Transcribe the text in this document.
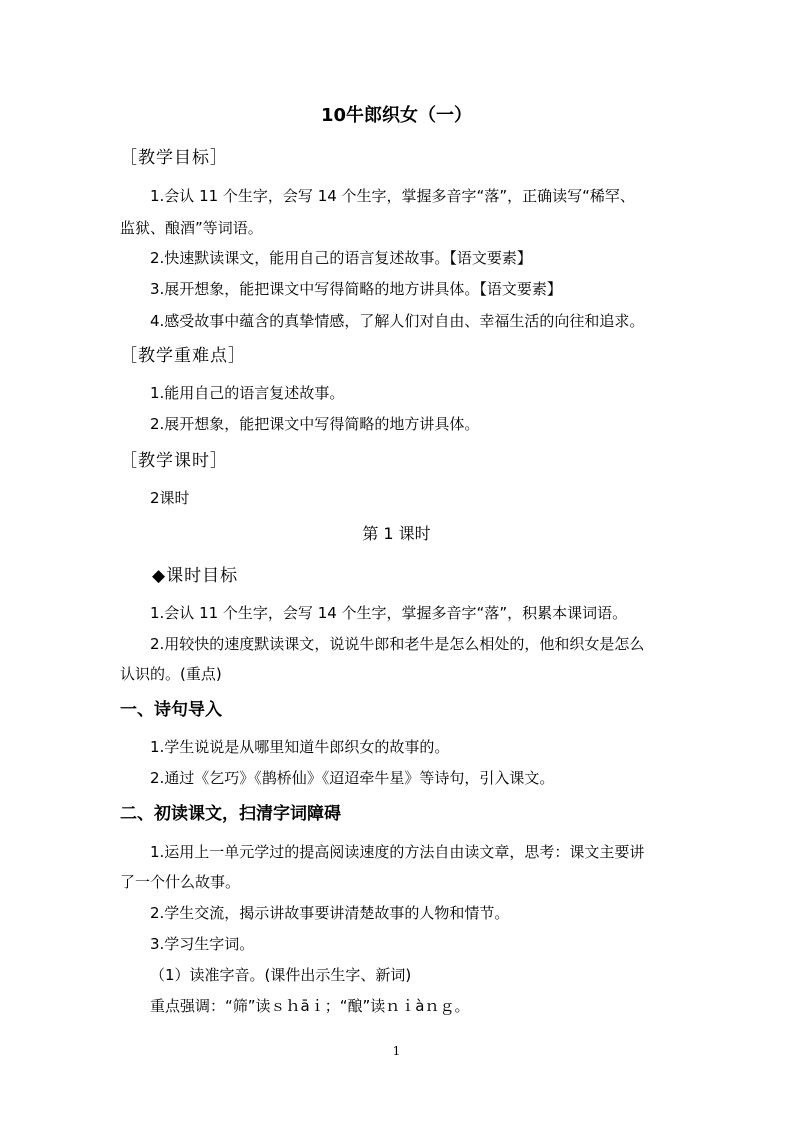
10牛郎织女（一）
［教学目标］
1.会认 11 个生字，会写 14 个生字，掌握多音字“落”，正确读写“稀罕、
监狱、酿酒”等词语。
2.快速默读课文，能用自己的语言复述故事。【语文要素】
3.展开想象，能把课文中写得简略的地方讲具体。【语文要素】
4.感受故事中蕴含的真挚情感，了解人们对自由、幸福生活的向往和追求。
［教学重难点］
1.能用自己的语言复述故事。
2.展开想象，能把课文中写得简略的地方讲具体。
［教学课时］
2课时
第 1 课时
◆课时目标
1.会认 11 个生字，会写 14 个生字，掌握多音字“落”，积累本课词语。
2.用较快的速度默读课文，说说牛郎和老牛是怎么相处的，他和织女是怎么
认识的。(重点)
一、诗句导入
1.学生说说是从哪里知道牛郎织女的故事的。
2.通过《乞巧》《鹊桥仙》《迢迢牵牛星》等诗句，引入课文。
二、初读课文，扫清字词障碍
1.运用上一单元学过的提高阅读速度的方法自由读文章，思考：课文主要讲
了一个什么故事。
2.学生交流，揭示讲故事要讲清楚故事的人物和情节。
3.学习生字词。
（1）读准字音。(课件出示生字、新词)
重点强调：“筛”读ｓｈāｉ；“酿”读ｎｉàｎｇ。
1
